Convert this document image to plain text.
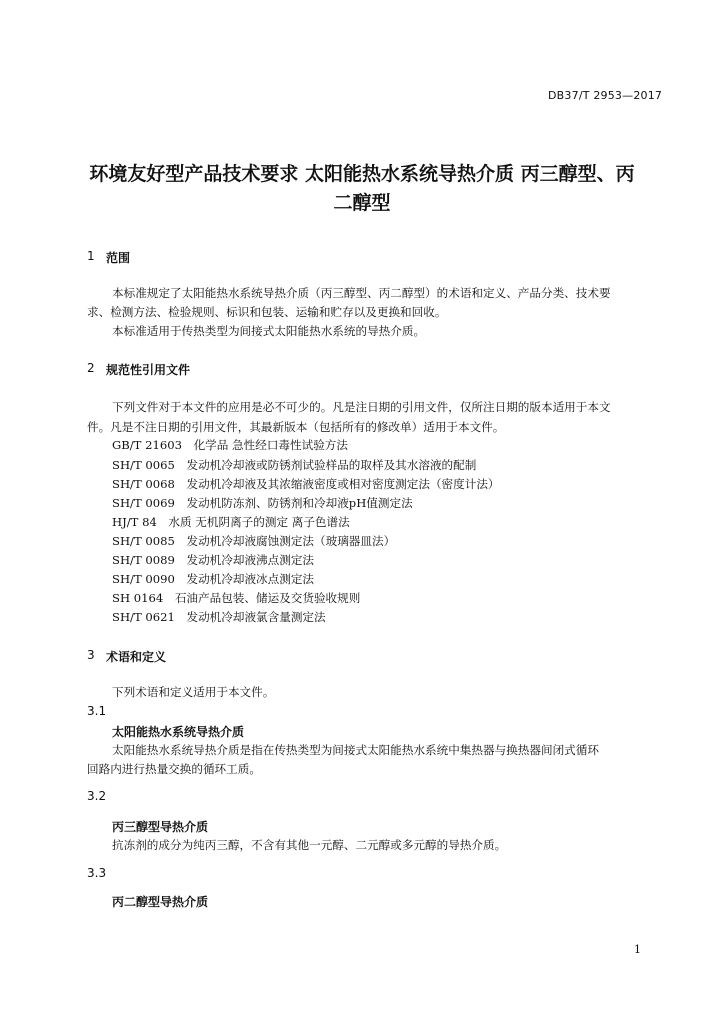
DB37/T 2953—2017
环境友好型产品技术要求 太阳能热水系统导热介质 丙三醇型、丙
二醇型
1 范围
本标准规定了太阳能热水系统导热介质（丙三醇型、丙二醇型）的术语和定义、产品分类、技术要
求、检测方法、检验规则、标识和包装、运输和贮存以及更换和回收。
本标准适用于传热类型为间接式太阳能热水系统的导热介质。
2 规范性引用文件
下列文件对于本文件的应用是必不可少的。凡是注日期的引用文件，仅所注日期的版本适用于本文
件。凡是不注日期的引用文件，其最新版本（包括所有的修改单）适用于本文件。
GB/T 21603　化学品 急性经口毒性试验方法
SH/T 0065　发动机冷却液或防锈剂试验样品的取样及其水溶液的配制
SH/T 0068　发动机冷却液及其浓缩液密度或相对密度测定法（密度计法）
SH/T 0069　发动机防冻剂、防锈剂和冷却液pH值测定法
HJ/T 84　水质 无机阴离子的测定 离子色谱法
SH/T 0085　发动机冷却液腐蚀测定法（玻璃器皿法）
SH/T 0089　发动机冷却液沸点测定法
SH/T 0090　发动机冷却液冰点测定法
SH 0164　石油产品包装、储运及交货验收规则
SH/T 0621　发动机冷却液氯含量测定法
3 术语和定义
下列术语和定义适用于本文件。
3.1
太阳能热水系统导热介质
太阳能热水系统导热介质是指在传热类型为间接式太阳能热水系统中集热器与换热器间闭式循环
回路内进行热量交换的循环工质。
3.2
丙三醇型导热介质
抗冻剂的成分为纯丙三醇，不含有其他一元醇、二元醇或多元醇的导热介质。
3.3
丙二醇型导热介质
1
